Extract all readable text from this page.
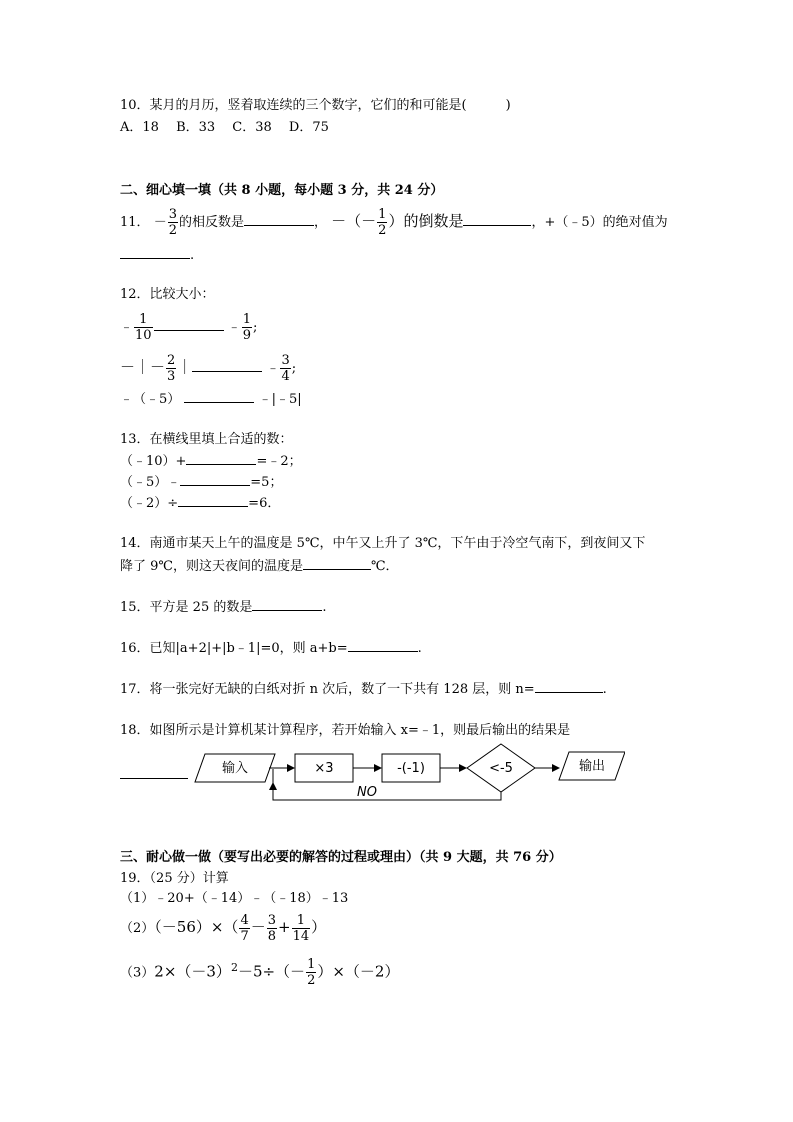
10．某月的月历，竖着取连续的三个数字，它们的和可能是(　　　)
A．18　 B．33　 C．38　 D．75
二、细心填一填（共 8 小题，每小题 3 分，共 24 分）
11． － $\frac{3}{2}$ 的相反数是	， －（－ $\frac{1}{2}$ ）的倒数是	，+（﹣5）的绝对值为
.
12．比较大小：
﹣ $\frac{1}{10}$	﹣ $\frac{1}{9}$ ;
－｜－ $\frac{2}{3}$ ｜	﹣ $\frac{3}{4}$ ;
﹣（﹣5）	﹣|﹣5|
13．在横线里填上合适的数：
（﹣10）+	=﹣2；
（﹣5）﹣	=5；
（﹣2）÷	=6．
14．南通市某天上午的温度是 5℃，中午又上升了 3℃，下午由于冷空气南下，到夜间又下
降了 9℃，则这天夜间的温度是	℃．
15．平方是 25 的数是	.
16．已知|a+2|+|b﹣1|=0，则 a+b=	.
17．将一张完好无缺的白纸对折 n 次后，数了一下共有 128 层，则 n=	.
18．如图所示是计算机某计算程序，若开始输入 x=﹣1，则最后输出的结果是
输入	×3	-(-1)	<-5	输出
NO
三、耐心做一做（要写出必要的解答的过程或理由）（共 9 大题，共 76 分）
19．（25 分）计算
（1）﹣20+（﹣14）﹣（﹣18）﹣13
$(2)(-56)\times( \frac{4}{7} - \frac{3}{8} + \frac{1}{14}$ ）
$(3)2\times(-3)^2-5\div(- \frac{1}{2} )\times(-2)$
